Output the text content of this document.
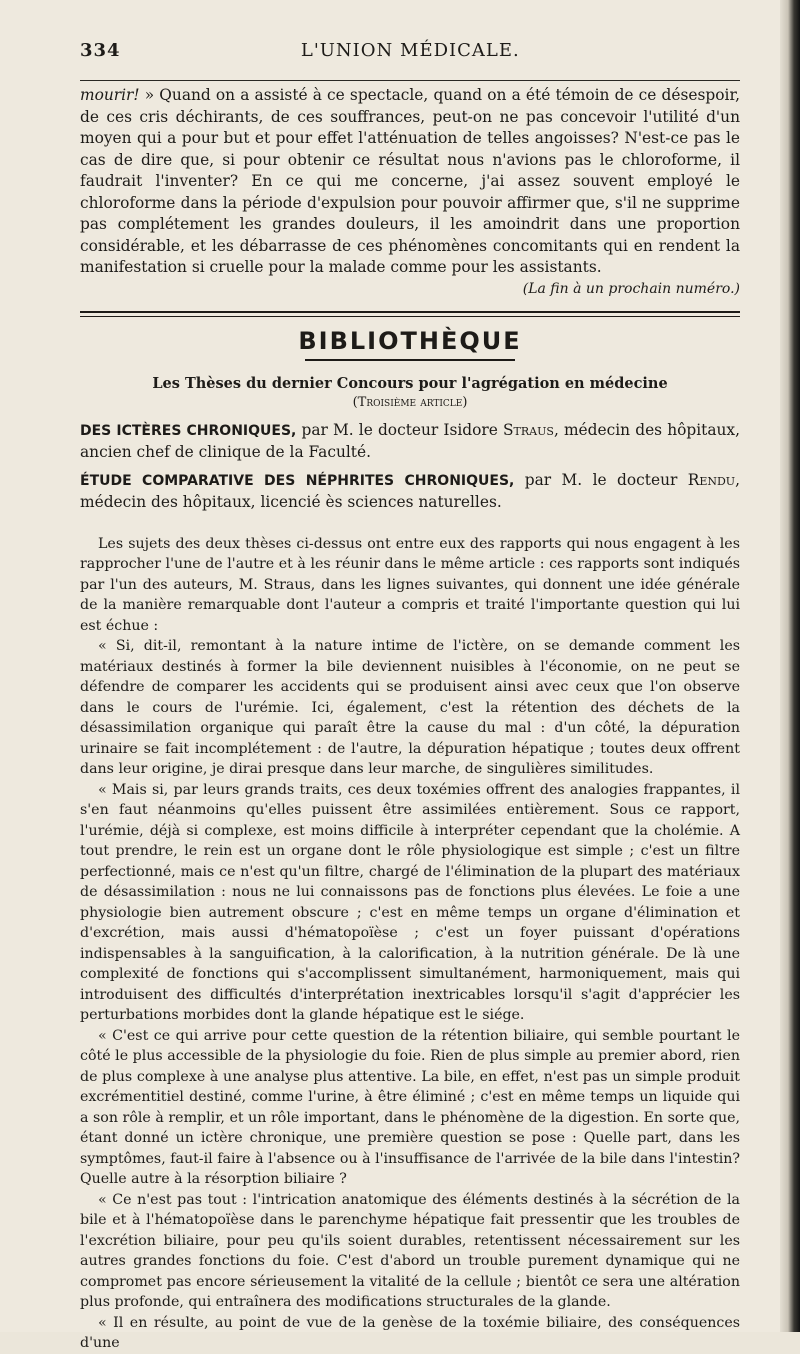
334	L'UNION MÉDICALE.

mourir! » Quand on a assisté à ce spectacle, quand on a été témoin de ce désespoir, de ces cris déchirants, de ces souffrances, peut-on ne pas concevoir l'utilité d'un moyen qui a pour but et pour effet l'atténuation de telles angoisses? N'est-ce pas le cas de dire que, si pour obtenir ce résultat nous n'avions pas le chloroforme, il faudrait l'inventer? En ce qui me concerne, j'ai assez souvent employé le chloroforme dans la période d'expulsion pour pouvoir affirmer que, s'il ne supprime pas complétement les grandes douleurs, il les amoindrit dans une proportion considérable, et les débarrasse de ces phénomènes concomitants qui en rendent la manifestation si cruelle pour la malade comme pour les assistants.

(La fin à un prochain numéro.)
BIBLIOTHÈQUE
Les Thèses du dernier Concours pour l'agrégation en médecine
(Troisième article)
DES ICTÈRES CHRONIQUES, par M. le docteur Isidore Straus, médecin des hôpitaux, ancien chef de clinique de la Faculté.
ÉTUDE COMPARATIVE DES NÉPHRITES CHRONIQUES, par M. le docteur Rendu, médecin des hôpitaux, licencié ès sciences naturelles.

Les sujets des deux thèses ci-dessus ont entre eux des rapports qui nous engagent à les rapprocher l'une de l'autre et à les réunir dans le même article : ces rapports sont indiqués par l'un des auteurs, M. Straus, dans les lignes suivantes, qui donnent une idée générale de la manière remarquable dont l'auteur a compris et traité l'importante question qui lui est échue :

« Si, dit-il, remontant à la nature intime de l'ictère, on se demande comment les matériaux destinés à former la bile deviennent nuisibles à l'économie, on ne peut se défendre de comparer les accidents qui se produisent ainsi avec ceux que l'on observe dans le cours de l'urémie. Ici, également, c'est la rétention des déchets de la désassimilation organique qui paraît être la cause du mal : d'un côté, la dépuration urinaire se fait incomplétement : de l'autre, la dépuration hépatique ; toutes deux offrent dans leur origine, je dirai presque dans leur marche, de singulières similitudes.

« Mais si, par leurs grands traits, ces deux toxémies offrent des analogies frappantes, il s'en faut néanmoins qu'elles puissent être assimilées entièrement. Sous ce rapport, l'urémie, déjà si complexe, est moins difficile à interpréter cependant que la cholémie. A tout prendre, le rein est un organe dont le rôle physiologique est simple ; c'est un filtre perfectionné, mais ce n'est qu'un filtre, chargé de l'élimination de la plupart des matériaux de désassimilation : nous ne lui connaissons pas de fonctions plus élevées. Le foie a une physiologie bien autrement obscure ; c'est en même temps un organe d'élimination et d'excrétion, mais aussi d'hématopoïèse ; c'est un foyer puissant d'opérations indispensables à la sanguification, à la calorification, à la nutrition générale. De là une complexité de fonctions qui s'accomplissent simultanément, harmoniquement, mais qui introduisent des difficultés d'interprétation inextricables lorsqu'il s'agit d'apprécier les perturbations morbides dont la glande hépatique est le siége.

« C'est ce qui arrive pour cette question de la rétention biliaire, qui semble pourtant le côté le plus accessible de la physiologie du foie. Rien de plus simple au premier abord, rien de plus complexe à une analyse plus attentive. La bile, en effet, n'est pas un simple produit excrémentitiel destiné, comme l'urine, à être éliminé ; c'est en même temps un liquide qui a son rôle à remplir, et un rôle important, dans le phénomène de la digestion. En sorte que, étant donné un ictère chronique, une première question se pose : Quelle part, dans les symptômes, faut-il faire à l'absence ou à l'insuffisance de l'arrivée de la bile dans l'intestin? Quelle autre à la résorption biliaire ?

« Ce n'est pas tout : l'intrication anatomique des éléments destinés à la sécrétion de la bile et à l'hématopoïèse dans le parenchyme hépatique fait pressentir que les troubles de l'excrétion biliaire, pour peu qu'ils soient durables, retentissent nécessairement sur les autres grandes fonctions du foie. C'est d'abord un trouble purement dynamique qui ne compromet pas encore sérieusement la vitalité de la cellule ; bientôt ce sera une altération plus profonde, qui entraînera des modifications structurales de la glande.

« Il en résulte, au point de vue de la genèse de la toxémie biliaire, des conséquences d'une
